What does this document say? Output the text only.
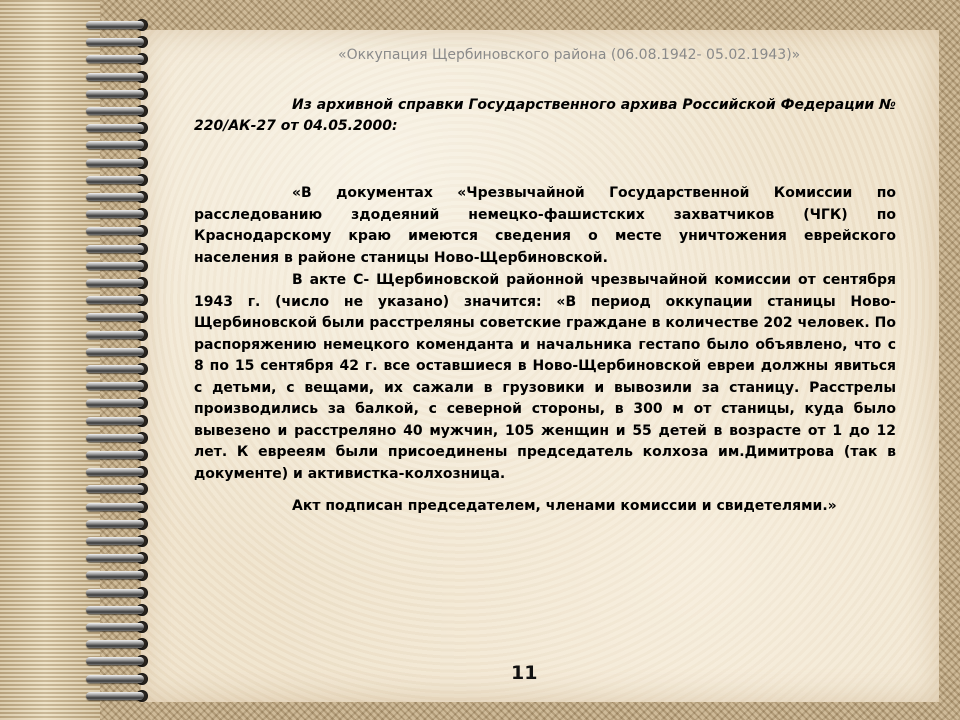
«Оккупация Щербиновского района (06.08.1942- 05.02.1943)»
Из архивной справки Государственного архива Российской Федерации № 220/АК-27 от 04.05.2000:

«В документах «Чрезвычайной Государственной Комиссии по расследованию здодеяний немецко-фашистских захватчиков (ЧГК) по Краснодарскому краю имеются сведения о месте уничтожения еврейского населения в районе станицы Ново-Щербиновской.

В акте С- Щербиновской районной чрезвычайной комиссии от сентября 1943 г. (число не указано) значится: «В период оккупации станицы Ново-Щербиновской были расстреляны советские граждане в количестве 202 человек. По распоряжению немецкого коменданта и начальника гестапо было объявлено, что с 8 по 15 сентября 42 г. все оставшиеся в Ново-Щербиновской евреи должны явиться с детьми, с вещами, их сажали в грузовики и вывозили за станицу. Расстрелы производились за балкой, с северной стороны, в 300 м от станицы, куда было вывезено и расстреляно 40 мужчин, 105 женщин и 55 детей в возрасте от 1 до 12 лет. К евреeям были присоединены председатель колхоза им.Димитрова (так в документе) и активистка-колхозница.

Акт подписан председателем, членами комиссии и свидетелями.»

11
